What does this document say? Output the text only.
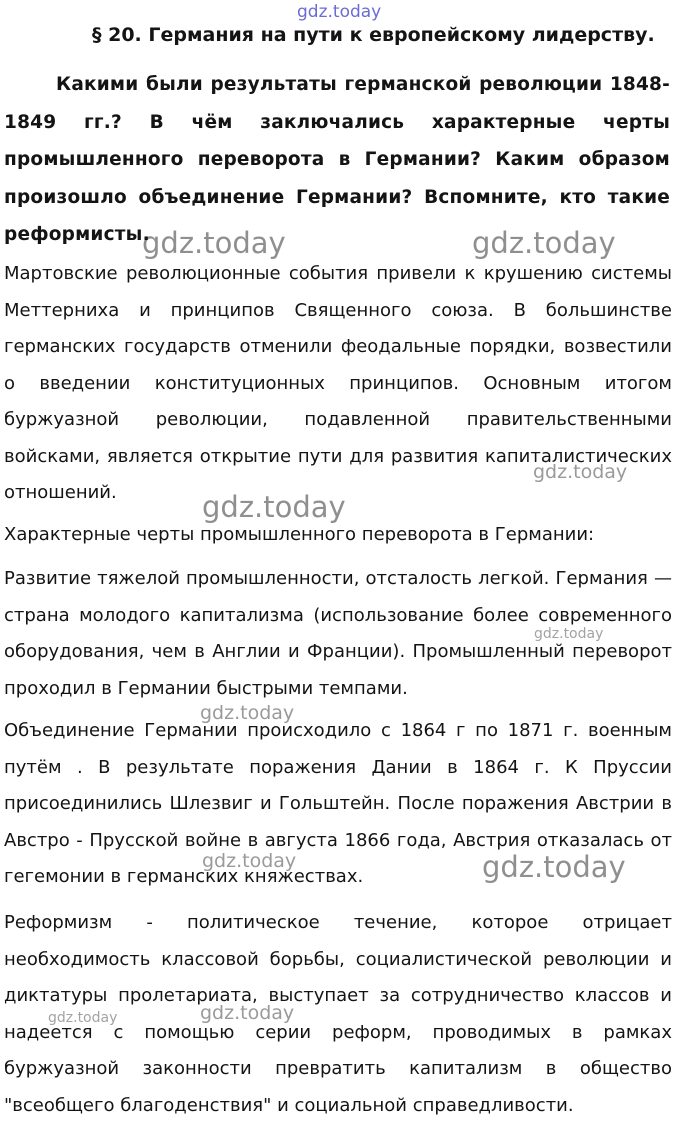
gdz.today
gdz.today	gdz.today
gdz.today
gdz.today
gdz.today
gdz.today
gdz.today	gdz.today
gdz.today
gdz.today
§ 20. Германия на пути к европейскому лидерству.
Какими были результаты германской революции 1848-1849 гг.? В чём заключались характерные черты промышленного переворота в Германии? Каким образом произошло объединение Германии? Вспомните, кто такие реформисты.
Мартовские революционные события привели к крушению системы Меттерниха и принципов Священного союза. В большинстве германских государств отменили феодальные порядки, возвестили о введении конституционных принципов. Основным итогом буржуазной революции, подавленной правительственными войсками, является открытие пути для развития капиталистических отношений.
Характерные черты промышленного переворота в Германии:
Развитие тяжелой промышленности, отсталость легкой. Германия — страна молодого капитализма (использование более современного оборудования, чем в Англии и Франции). Промышленный переворот проходил в Германии быстрыми темпами.
Объединение Германии происходило с 1864 г по 1871 г. военным путём . В результате поражения Дании в 1864 г. К Пруссии присоединились Шлезвиг и Гольштейн. После поражения Австрии в Австро - Прусской войне в августа 1866 года, Австрия отказалась от гегемонии в германских княжествах.
Реформизм - политическое течение, которое отрицает необходимость классовой борьбы, социалистической революции и диктатуры пролетариата, выступает за сотрудничество классов и надеется с помощью серии реформ, проводимых в рамках буржуазной законности превратить капитализм в общество "всеобщего благоденствия" и социальной справедливости.
